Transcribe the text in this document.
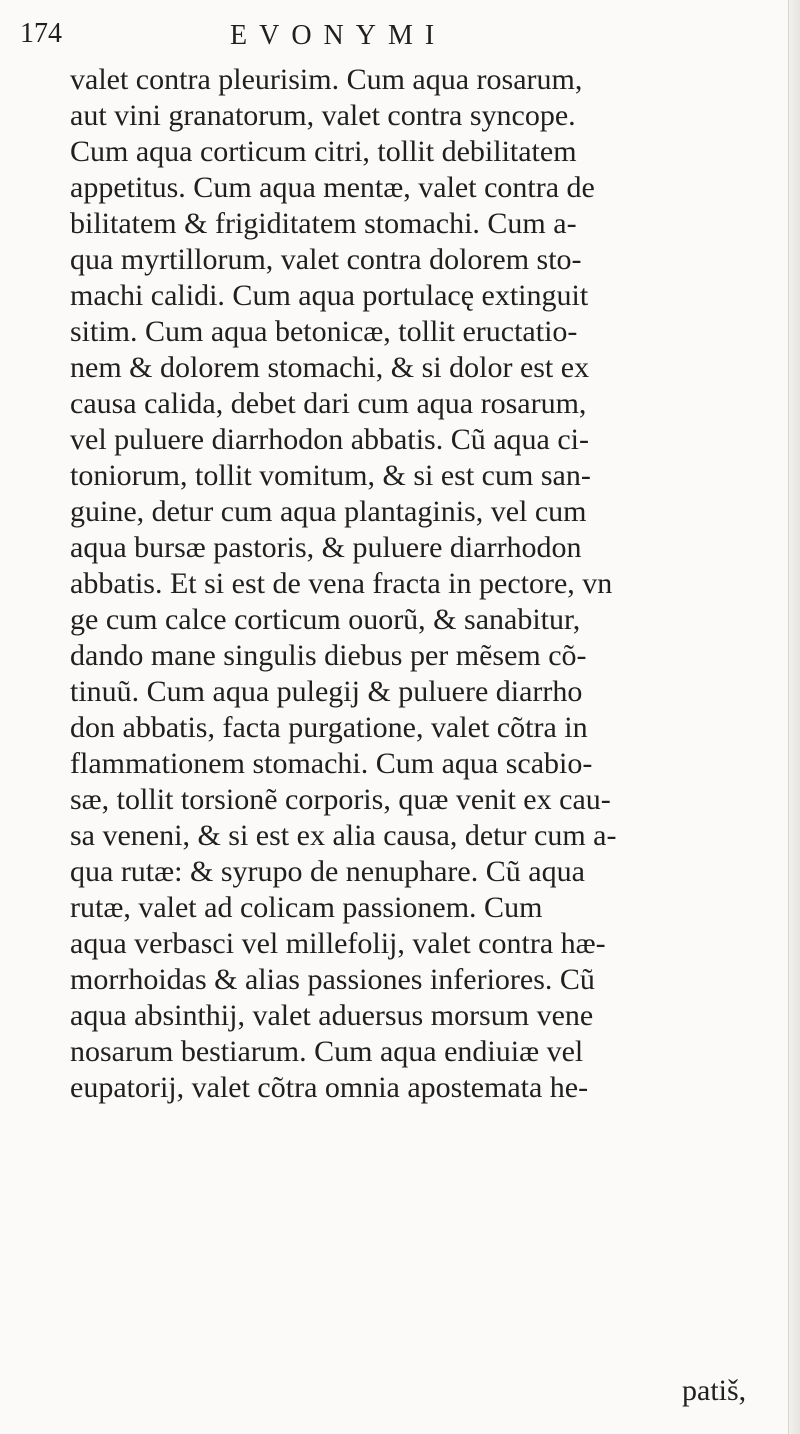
174	EVONYMI
valet contra pleurisim. Cum aqua rosarum,
aut vini granatorum, valet contra syncope.
Cum aqua corticum citri, tollit debilitatem
appetitus. Cum aqua mentæ, valet contra de
bilitatem & frigiditatem stomachi. Cum a-
qua myrtillorum, valet contra dolorem sto-
machi calidi. Cum aqua portulacę extinguit
sitim. Cum aqua betonicæ, tollit eructatio-
nem & dolorem stomachi, & si dolor est ex
causa calida, debet dari cum aqua rosarum,
vel puluere diarrhodon abbatis. Cũ aqua ci-
toniorum, tollit vomitum, & si est cum san-
guine, detur cum aqua plantaginis, vel cum
aqua bursæ pastoris, & puluere diarrhodon
abbatis. Et si est de vena fracta in pectore, vn
ge cum calce corticum ouorũ, & sanabitur,
dando mane singulis diebus per mẽsem cõ-
tinuũ. Cum aqua pulegij & puluere diarrho
don abbatis, facta purgatione, valet cõtra in
flammationem stomachi. Cum aqua scabio-
sæ, tollit torsionẽ corporis, quæ venit ex cau-
sa veneni, & si est ex alia causa, detur cum a-
qua rutæ: & syrupo de nenuphare. Cũ aqua
rutæ, valet ad colicam passionem. Cum
aqua verbasci vel millefolij, valet contra hæ-
morrhoidas & alias passiones inferiores. Cũ
aqua absinthij, valet aduersus morsum vene
nosarum bestiarum. Cum aqua endiuiæ vel
eupatorij, valet cõtra omnia apostemata he-
patiš,
